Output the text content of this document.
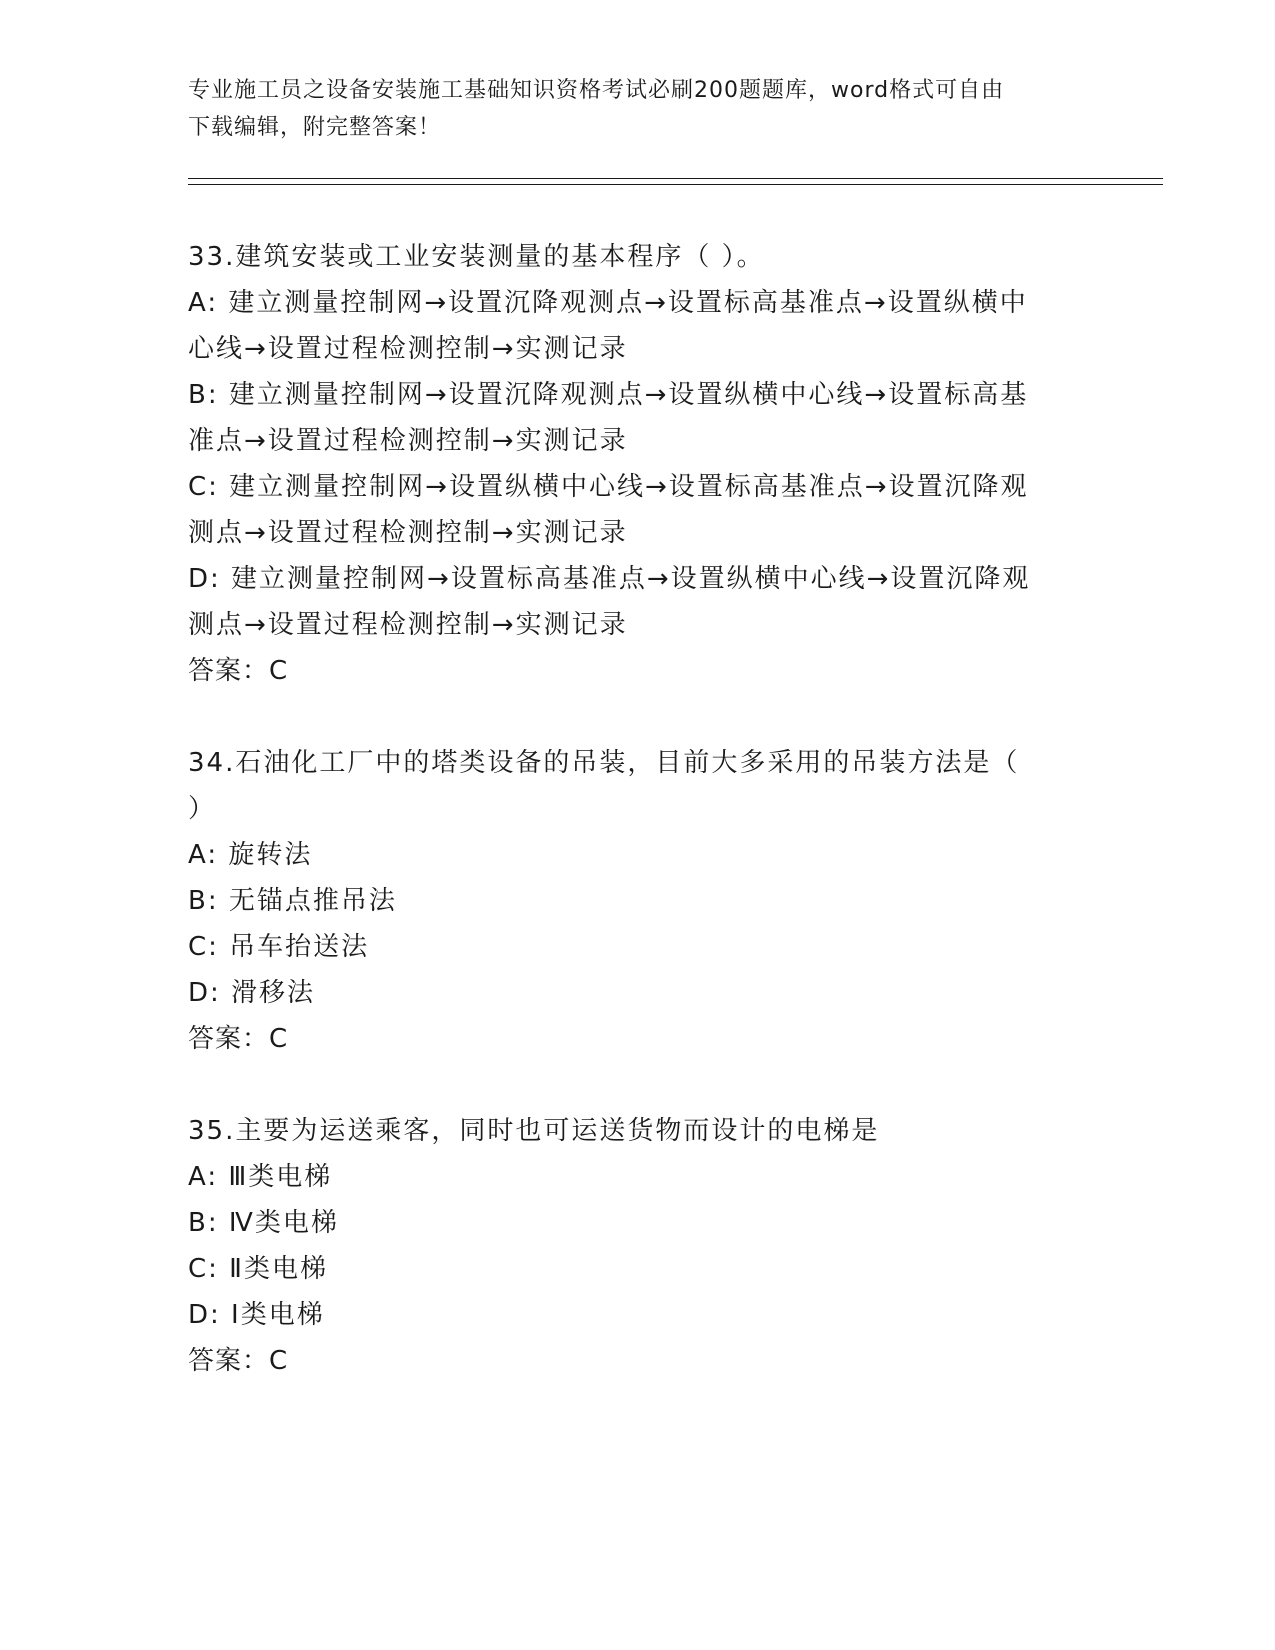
专业施工员之设备安装施工基础知识资格考试必刷200题题库，word格式可自由
下载编辑，附完整答案！
33.建筑安装或工业安装测量的基本程序（ ）。
A: 建立测量控制网→设置沉降观测点→设置标高基准点→设置纵横中
心线→设置过程检测控制→实测记录
B: 建立测量控制网→设置沉降观测点→设置纵横中心线→设置标高基
准点→设置过程检测控制→实测记录
C: 建立测量控制网→设置纵横中心线→设置标高基准点→设置沉降观
测点→设置过程检测控制→实测记录
D: 建立测量控制网→设置标高基准点→设置纵横中心线→设置沉降观
测点→设置过程检测控制→实测记录
答案：C
34.石油化工厂中的塔类设备的吊装，目前大多采用的吊装方法是（
）
A: 旋转法
B: 无锚点推吊法
C: 吊车抬送法
D: 滑移法
答案：C
35.主要为运送乘客，同时也可运送货物而设计的电梯是
A: Ⅲ类电梯
B: Ⅳ类电梯
C: Ⅱ类电梯
D: Ⅰ类电梯
答案：C
